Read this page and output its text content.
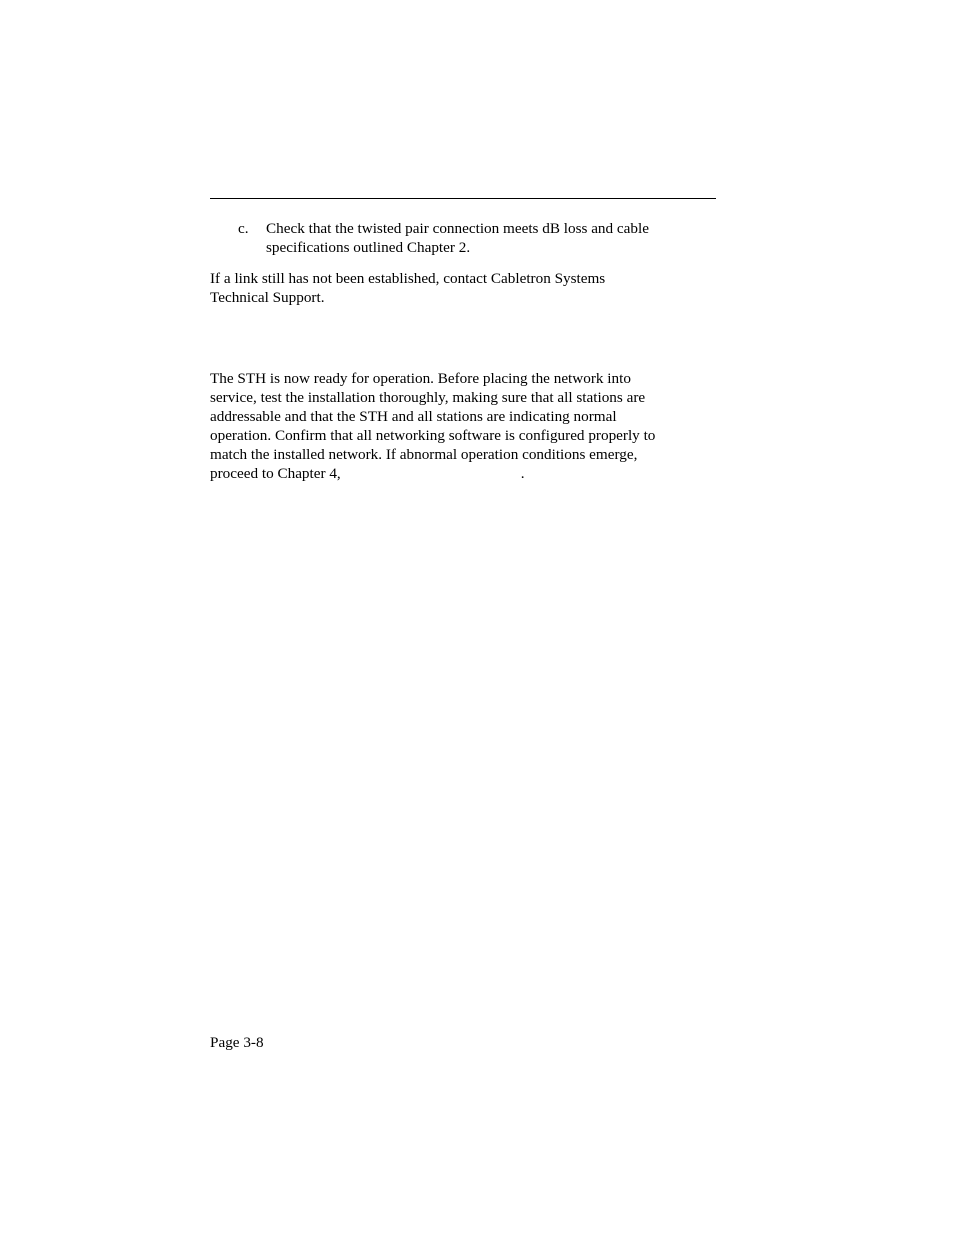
c. Check that the twisted pair connection meets dB loss and cable
specifications outlined Chapter 2.

If a link still has not been established, contact Cabletron Systems
Technical Support.

The STH is now ready for operation. Before placing the network into
service, test the installation thoroughly, making sure that all stations are
addressable and that the STH and all stations are indicating normal
operation. Confirm that all networking software is configured properly to
match the installed network. If abnormal operation conditions emerge,
proceed to Chapter 4,	.

Page 3-8
